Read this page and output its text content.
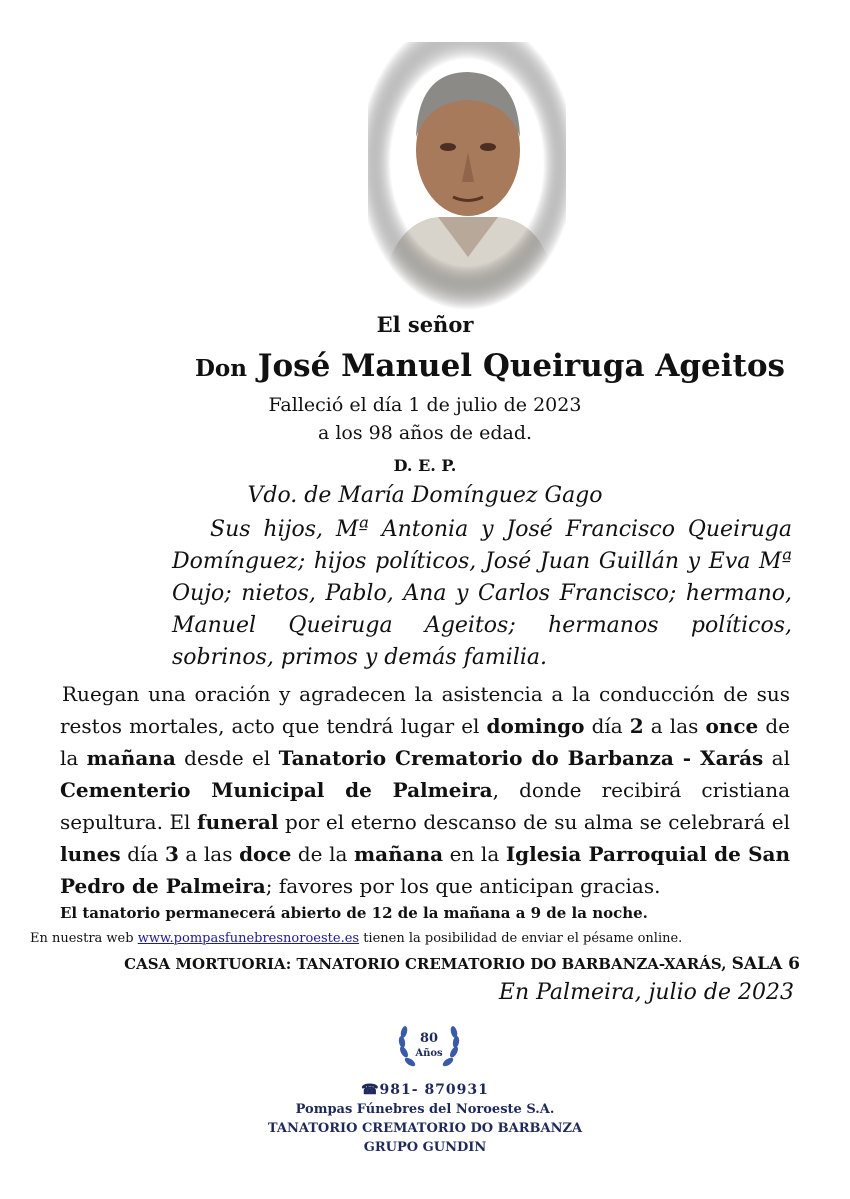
El señor
Don José Manuel Queiruga Ageitos
Falleció el día 1 de julio de 2023
a los 98 años de edad.
D. E. P.
Vdo. de María Domínguez Gago
Sus hijos, Mª Antonia y José Francisco Queiruga Domínguez; hijos políticos, José Juan Guillán y Eva Mª Oujo; nietos, Pablo, Ana y Carlos Francisco; hermano, Manuel Queiruga Ageitos; hermanos políticos, sobrinos, primos y demás familia.
Ruegan una oración y agradecen la asistencia a la conducción de sus restos mortales, acto que tendrá lugar el domingo día 2 a las once de la mañana desde el Tanatorio Crematorio do Barbanza - Xarás al Cementerio Municipal de Palmeira, donde recibirá cristiana sepultura. El funeral por el eterno descanso de su alma se celebrará el lunes día 3 a las doce de la mañana en la Iglesia Parroquial de San Pedro de Palmeira; favores por los que anticipan gracias.
El tanatorio permanecerá abierto de 12 de la mañana a 9 de la noche.
En nuestra web www.pompasfunebresnoroeste.es tienen la posibilidad de enviar el pésame online.
CASA MORTUORIA: TANATORIO CREMATORIO DO BARBANZA-XARÁS, SALA 6
En Palmeira, julio de 2023
80
Años
☎981- 870931
Pompas Fúnebres del Noroeste S.A.
TANATORIO CREMATORIO DO BARBANZA
GRUPO GUNDIN
